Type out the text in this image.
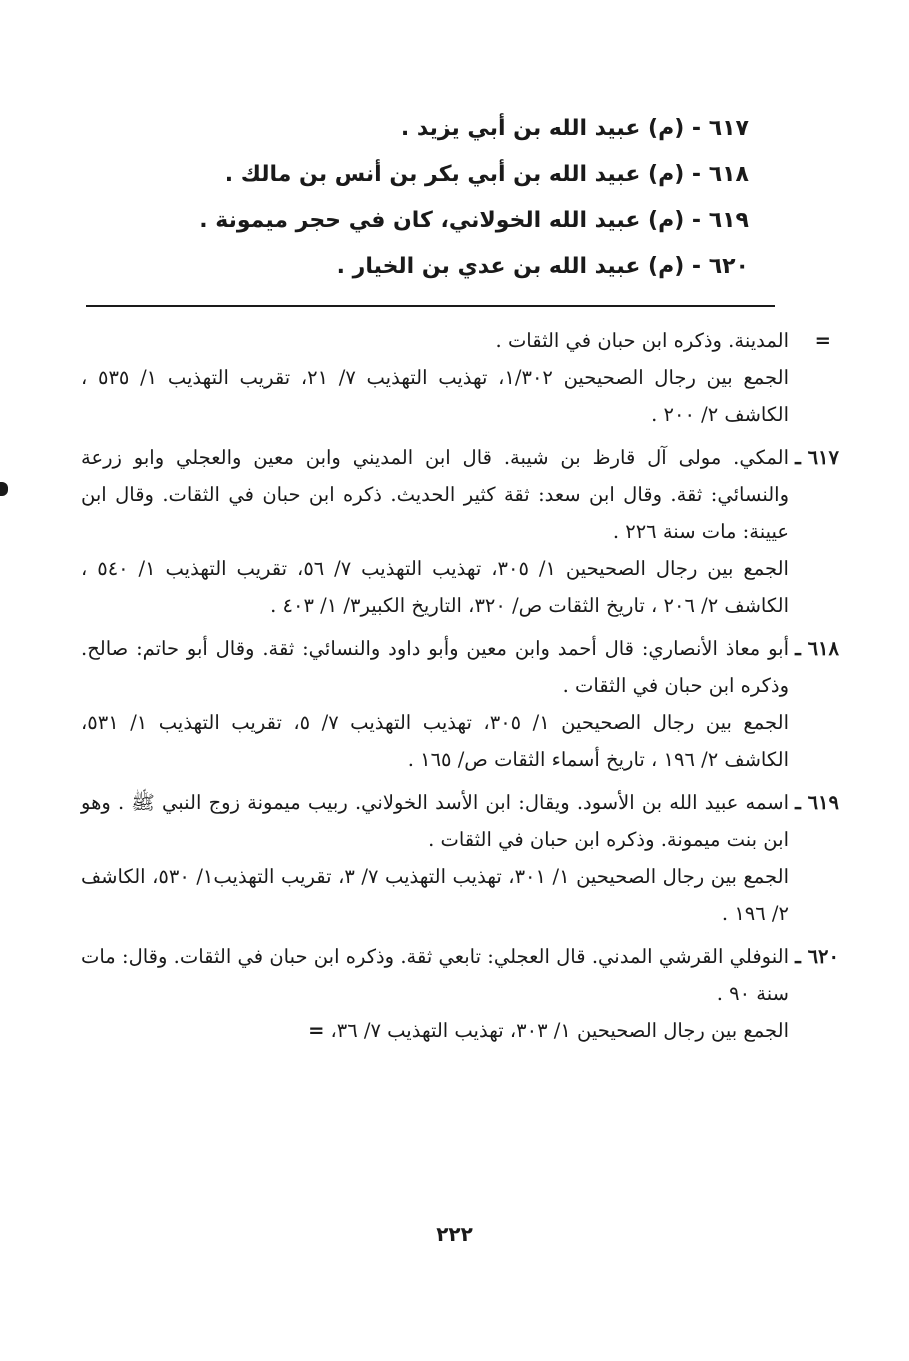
٦١٧ - (م) عبيد الله بن أبي يزيد .
٦١٨ - (م) عبيد الله بن أبي بكر بن أنس بن مالك .
٦١٩ - (م) عبيد الله الخولاني، كان في حجر ميمونة .
٦٢٠ - (م) عبيد الله بن عدي بن الخيار .
=

المدينة. وذكره ابن حبان في الثقات .

الجمع بين رجال الصحيحين ١/٣٠٢، تهذيب التهذيب ٧/ ٢١، تقريب التهذيب ١/ ٥٣٥ ، الكاشف ٢/ ٢٠٠ .

٦١٧ ـ

المكي. مولى آل قارظ بن شيبة. قال ابن المديني وابن معين والعجلي وابو زرعة والنسائي: ثقة. وقال ابن سعد: ثقة كثير الحديث. ذكره ابن حبان في الثقات. وقال ابن عيينة: مات سنة ٢٢٦ .

الجمع بين رجال الصحيحين ١/ ٣٠٥، تهذيب التهذيب ٧/ ٥٦، تقريب التهذيب ١/ ٥٤٠ ، الكاشف ٢/ ٢٠٦ ، تاريخ الثقات ص/ ٣٢٠، التاريخ الكبير٣/ ١/ ٤٠٣ .

٦١٨ ـ

أبو معاذ الأنصاري: قال أحمد وابن معين وأبو داود والنسائي: ثقة. وقال أبو حاتم: صالح. وذكره ابن حبان في الثقات .

الجمع بين رجال الصحيحين ١/ ٣٠٥، تهذيب التهذيب ٧/ ٥، تقريب التهذيب ١/ ٥٣١، الكاشف ٢/ ١٩٦ ، تاريخ أسماء الثقات ص/ ١٦٥ .

٦١٩ ـ

اسمه عبيد الله بن الأسود. ويقال: ابن الأسد الخولاني. ربيب ميمونة زوج النبي ﷺ . وهو ابن بنت ميمونة. وذكره ابن حبان في الثقات .

الجمع بين رجال الصحيحين ١/ ٣٠١، تهذيب التهذيب ٧/ ٣، تقريب التهذيب١/ ٥٣٠، الكاشف ٢/ ١٩٦ .

٦٢٠ ـ

النوفلي القرشي المدني. قال العجلي: تابعي ثقة. وذكره ابن حبان في الثقات. وقال: مات سنة ٩٠ .

الجمع بين رجال الصحيحين ١/ ٣٠٣، تهذيب التهذيب ٧/ ٣٦،=

٢٢٢
